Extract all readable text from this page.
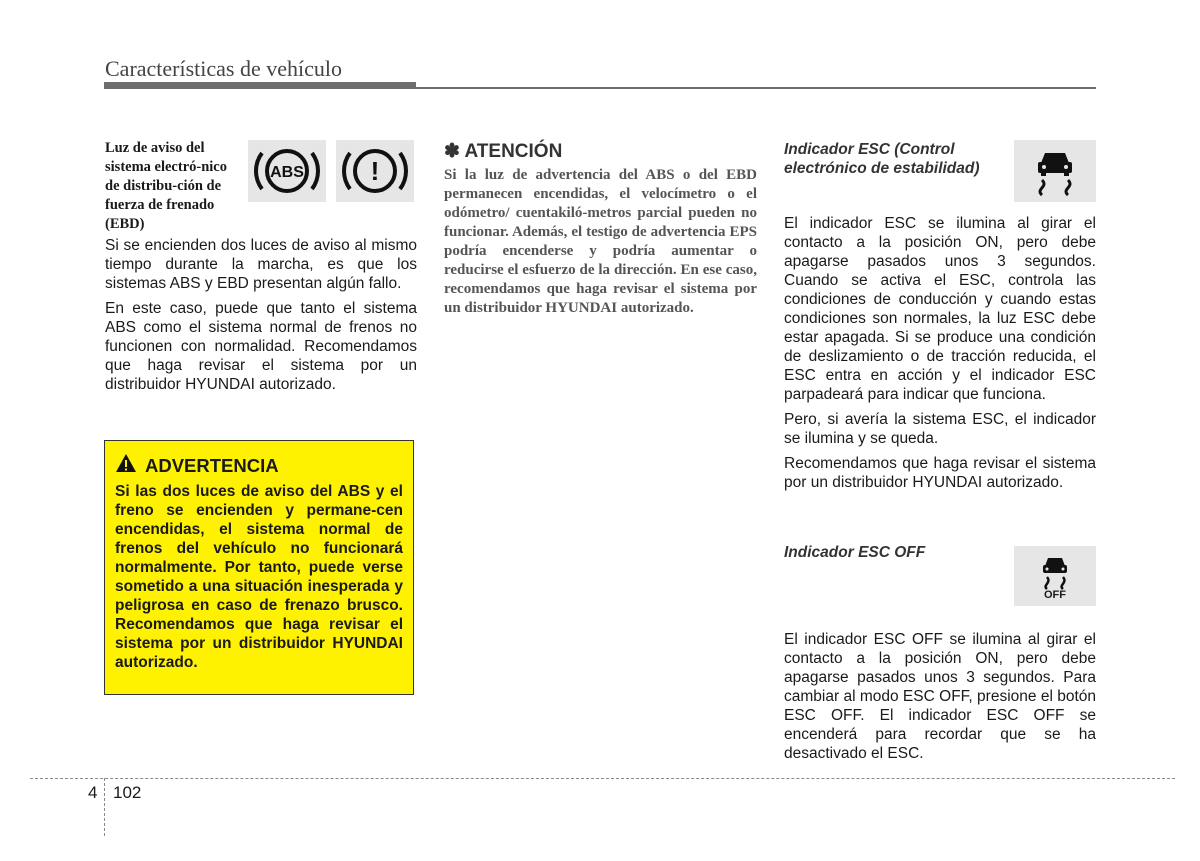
Características de vehículo
Luz de aviso del sistema electró-nico de distribu-ción de fuerza de frenado (EBD)
ABS	!

Si se encienden dos luces de aviso al mismo tiempo durante la marcha, es que los sistemas ABS y EBD presentan algún fallo.

En este caso, puede que tanto el sistema ABS como el sistema normal de frenos no funcionen con normalidad. Recomendamos que haga revisar el sistema por un distribuidor HYUNDAI autorizado.

ADVERTENCIA

Si las dos luces de aviso del ABS y el freno se encienden y permane-cen encendidas, el sistema normal de frenos del vehículo no funcionará normalmente. Por tanto, puede verse sometido a una situación inesperada y peligrosa en caso de frenazo brusco. Recomendamos que haga revisar el sistema por un distribuidor HYUNDAI autorizado.

✽ ATENCIÓN

Si la luz de advertencia del ABS o del EBD permanecen encendidas, el velocímetro o el odómetro/ cuentakiló-metros parcial pueden no funcionar. Además, el testigo de advertencia EPS podría encenderse y podría aumentar o reducirse el esfuerzo de la dirección. En ese caso, recomendamos que haga revisar el sistema por un distribuidor HYUNDAI autorizado.

Indicador ESC (Control electrónico de estabilidad)

El indicador ESC se ilumina al girar el contacto a la posición ON, pero debe apagarse pasados unos 3 segundos. Cuando se activa el ESC, controla las condiciones de conducción y cuando estas condiciones son normales, la luz ESC debe estar apagada. Si se produce una condición de deslizamiento o de tracción reducida, el ESC entra en acción y el indicador ESC parpadeará para indicar que funciona.

Pero, si avería la sistema ESC, el indicador se ilumina y se queda.

Recomendamos que haga revisar el sistema por un distribuidor HYUNDAI autorizado.

Indicador ESC OFF
OFF

El indicador ESC OFF se ilumina al girar el contacto a la posición ON, pero debe apagarse pasados unos 3 segundos. Para cambiar al modo ESC OFF, presione el botón ESC OFF. El indicador ESC OFF se encenderá para recordar que se ha desactivado el ESC.

4 102
